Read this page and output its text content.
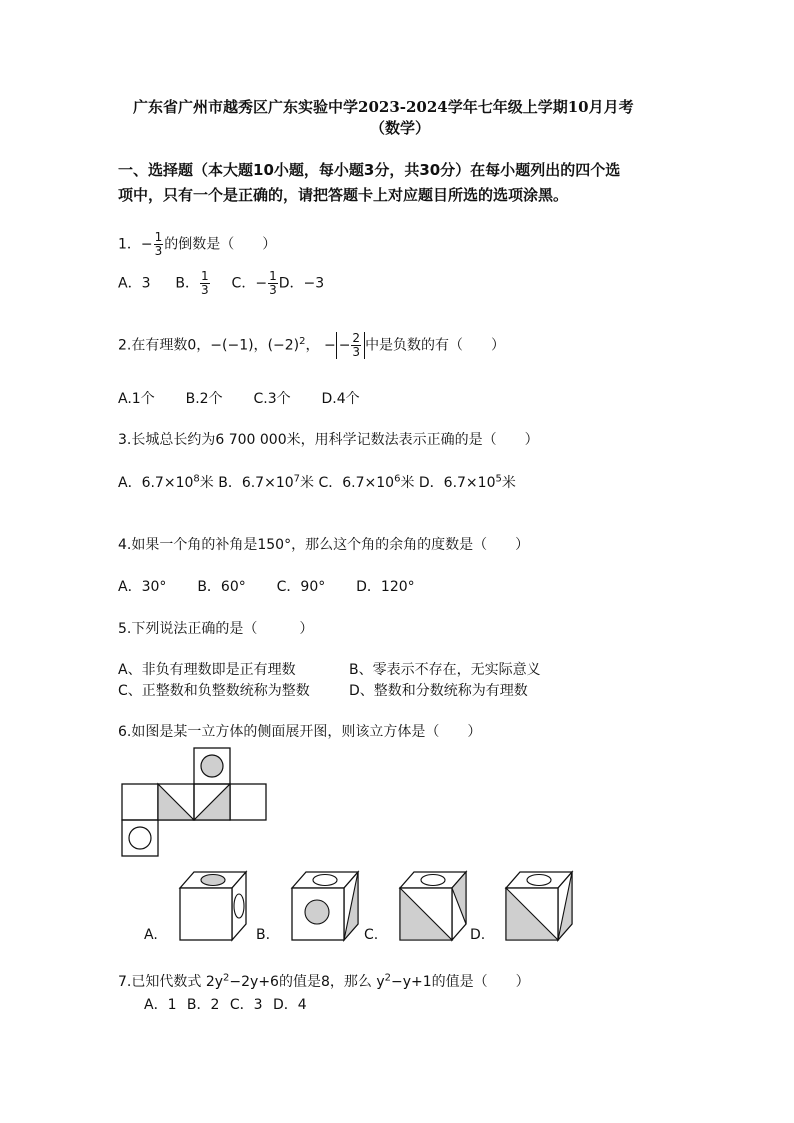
广东省广州市越秀区广东实验中学2023-2024学年七年级上学期10月月考
（数学）
一、选择题（本大题10小题，每小题3分，共30分）在每小题列出的四个选
项中，只有一个是正确的，请把答题卡上对应题目所选的选项涂黑。
1．− $\frac{1}{3}$ 的倒数是（　　）
A．3 B． $\frac{1}{3}$ C．− $\frac{1}{3}$ D．−3
2.在有理数0，−(−1)，$(-2)^2$， − − $\frac{2}{3}$ 中是负数的有（　　）
A.1个 B.2个 C.3个 D.4个
3.长城总长约为6 700 000米，用科学记数法表示正确的是（　　）
A．$6.7\times 10^8$米 B．$6.7\times 10^7$米 C．$6.7\times 10^6$米 D．$6.7\times 10^5$米
4.如果一个角的补角是150°，那么这个角的余角的度数是（　　）
A．30° B．60° C．90° D．120°
5.下列说法正确的是（　　　）
A、非负有理数即是正有理数	B、零表示不存在，无实际意义
C、正整数和负整数统称为整数	D、整数和分数统称为有理数
6.如图是某一立方体的侧面展开图，则该立方体是（　　）
A.	B.	C.	D.
7.已知代数式 $2y^2-2y+6$的值是8，那么 $y^2-y+1$的值是（　　）
A．1 B．2 C．3 D．4
